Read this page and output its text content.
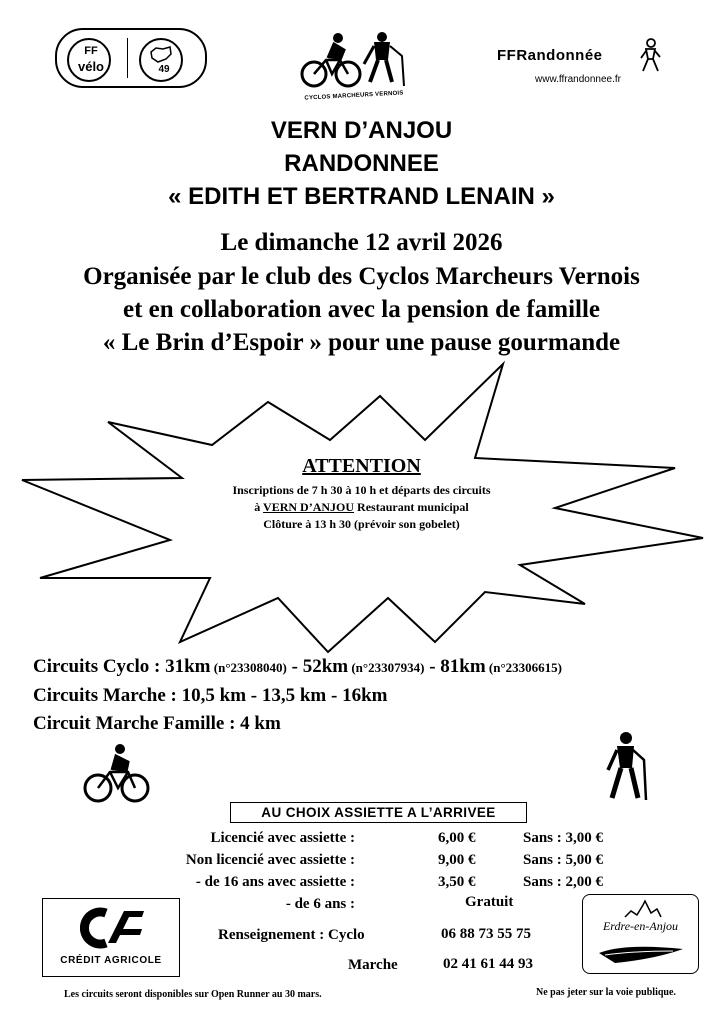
FF
vélo	49
CYCLOS MARCHEURS VERNOIS
FFRandonnée
www.ffrandonnee.fr
VERN D’ANJOU
RANDONNEE
« EDITH ET BERTRAND LENAIN »
Le dimanche 12 avril 2026
Organisée par le club des Cyclos Marcheurs Vernois
et en collaboration avec la pension de famille
« Le Brin d’Espoir » pour une pause gourmande
ATTENTION
Inscriptions de 7 h 30 à 10 h et départs des circuits
à VERN D’ANJOU Restaurant municipal
Clôture à 13 h 30 (prévoir son gobelet)
Circuits Cyclo : 31km (n°23308040) - 52km (n°23307934) - 81km (n°23306615)
Circuits Marche : 10,5 km - 13,5 km - 16km
Circuit Marche Famille : 4 km
AU CHOIX ASSIETTE A L’ARRIVEE
Licencié avec assiette :	6,00 €	Sans : 3,00 €
Non licencié avec assiette :	9,00 €	Sans : 5,00 €
- de 16 ans avec assiette :	3,50 €	Sans : 2,00 €
- de 6 ans :	Gratuit
Renseignement : Cyclo	06 88 73 55 75
Marche	02 41 61 44 93
CRÉDIT AGRICOLE
Erdre-en-Anjou
Les circuits seront disponibles sur Open Runner au 30 mars.	Ne pas jeter sur la voie publique.
